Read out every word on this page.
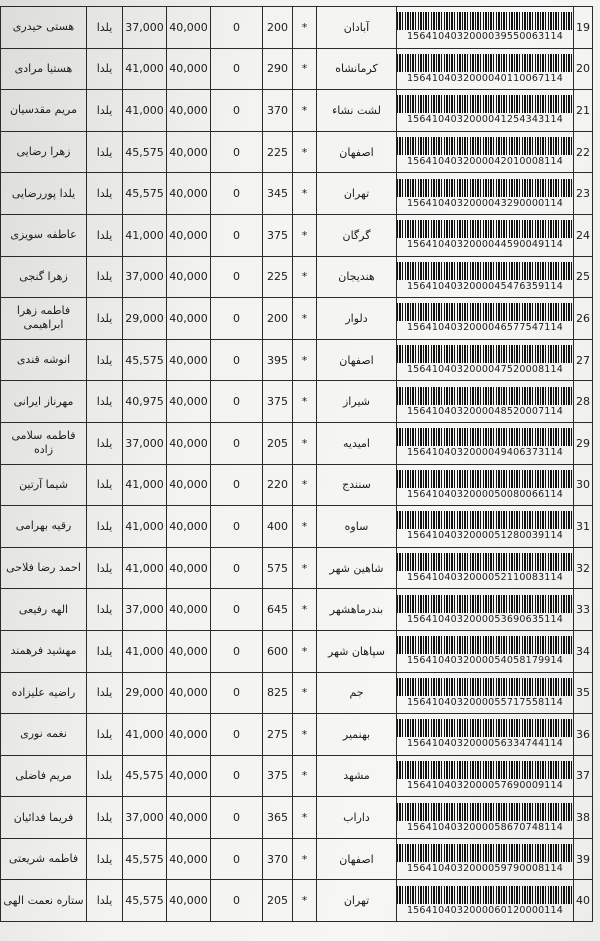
هستی حیدری	یلدا	37,000	40,000	0	200	*	آبادان	1564104032000039550063114	19
هستیا مرادی	یلدا	41,000	40,000	0	290	*	کرمانشاه	1564104032000040110067114	20
مریم مقدسیان	یلدا	41,000	40,000	0	370	*	لشت نشاء	1564104032000041254343114	21
زهرا رضایی	یلدا	45,575	40,000	0	225	*	اصفهان	1564104032000042010008114	22
یلدا پوررضایی	یلدا	45,575	40,000	0	345	*	تهران	1564104032000043290000114	23
عاطفه سویزی	یلدا	41,000	40,000	0	375	*	گرگان	1564104032000044590049114	24
زهرا گنجی	یلدا	37,000	40,000	0	225	*	هندیجان	1564104032000045476359114	25
فاطمه زهرا ابراهیمی	یلدا	29,000	40,000	0	200	*	دلوار	1564104032000046577547114	26
انوشه قندی	یلدا	45,575	40,000	0	395	*	اصفهان	1564104032000047520008114	27
مهرناز ایرانی	یلدا	40,975	40,000	0	375	*	شیراز	1564104032000048520007114	28
فاطمه سلامی زاده	یلدا	37,000	40,000	0	205	*	امیدیه	1564104032000049406373114	29
شیما آرتین	یلدا	41,000	40,000	0	220	*	سنندج	1564104032000050080066114	30
رقیه بهرامی	یلدا	41,000	40,000	0	400	*	ساوه	1564104032000051280039114	31
احمد رضا فلاحی	یلدا	41,000	40,000	0	575	*	شاهین شهر	1564104032000052110083114	32
الهه رفیعی	یلدا	37,000	40,000	0	645	*	بندرماهشهر	1564104032000053690635114	33
مهشید فرهمند	یلدا	41,000	40,000	0	600	*	سپاهان شهر	1564104032000054058179914	34
راضیه علیزاده	یلدا	29,000	40,000	0	825	*	جم	1564104032000055717558114	35
نغمه نوری	یلدا	41,000	40,000	0	275	*	بهنمیر	1564104032000056334744114	36
مریم فاضلی	یلدا	45,575	40,000	0	375	*	مشهد	1564104032000057690009114	37
فریما فدائیان	یلدا	37,000	40,000	0	365	*	داراب	1564104032000058670748114	38
فاطمه شریعتی	یلدا	45,575	40,000	0	370	*	اصفهان	1564104032000059790008114	39
ستاره نعمت الهی	یلدا	45,575	40,000	0	205	*	تهران	1564104032000060120000114	40
